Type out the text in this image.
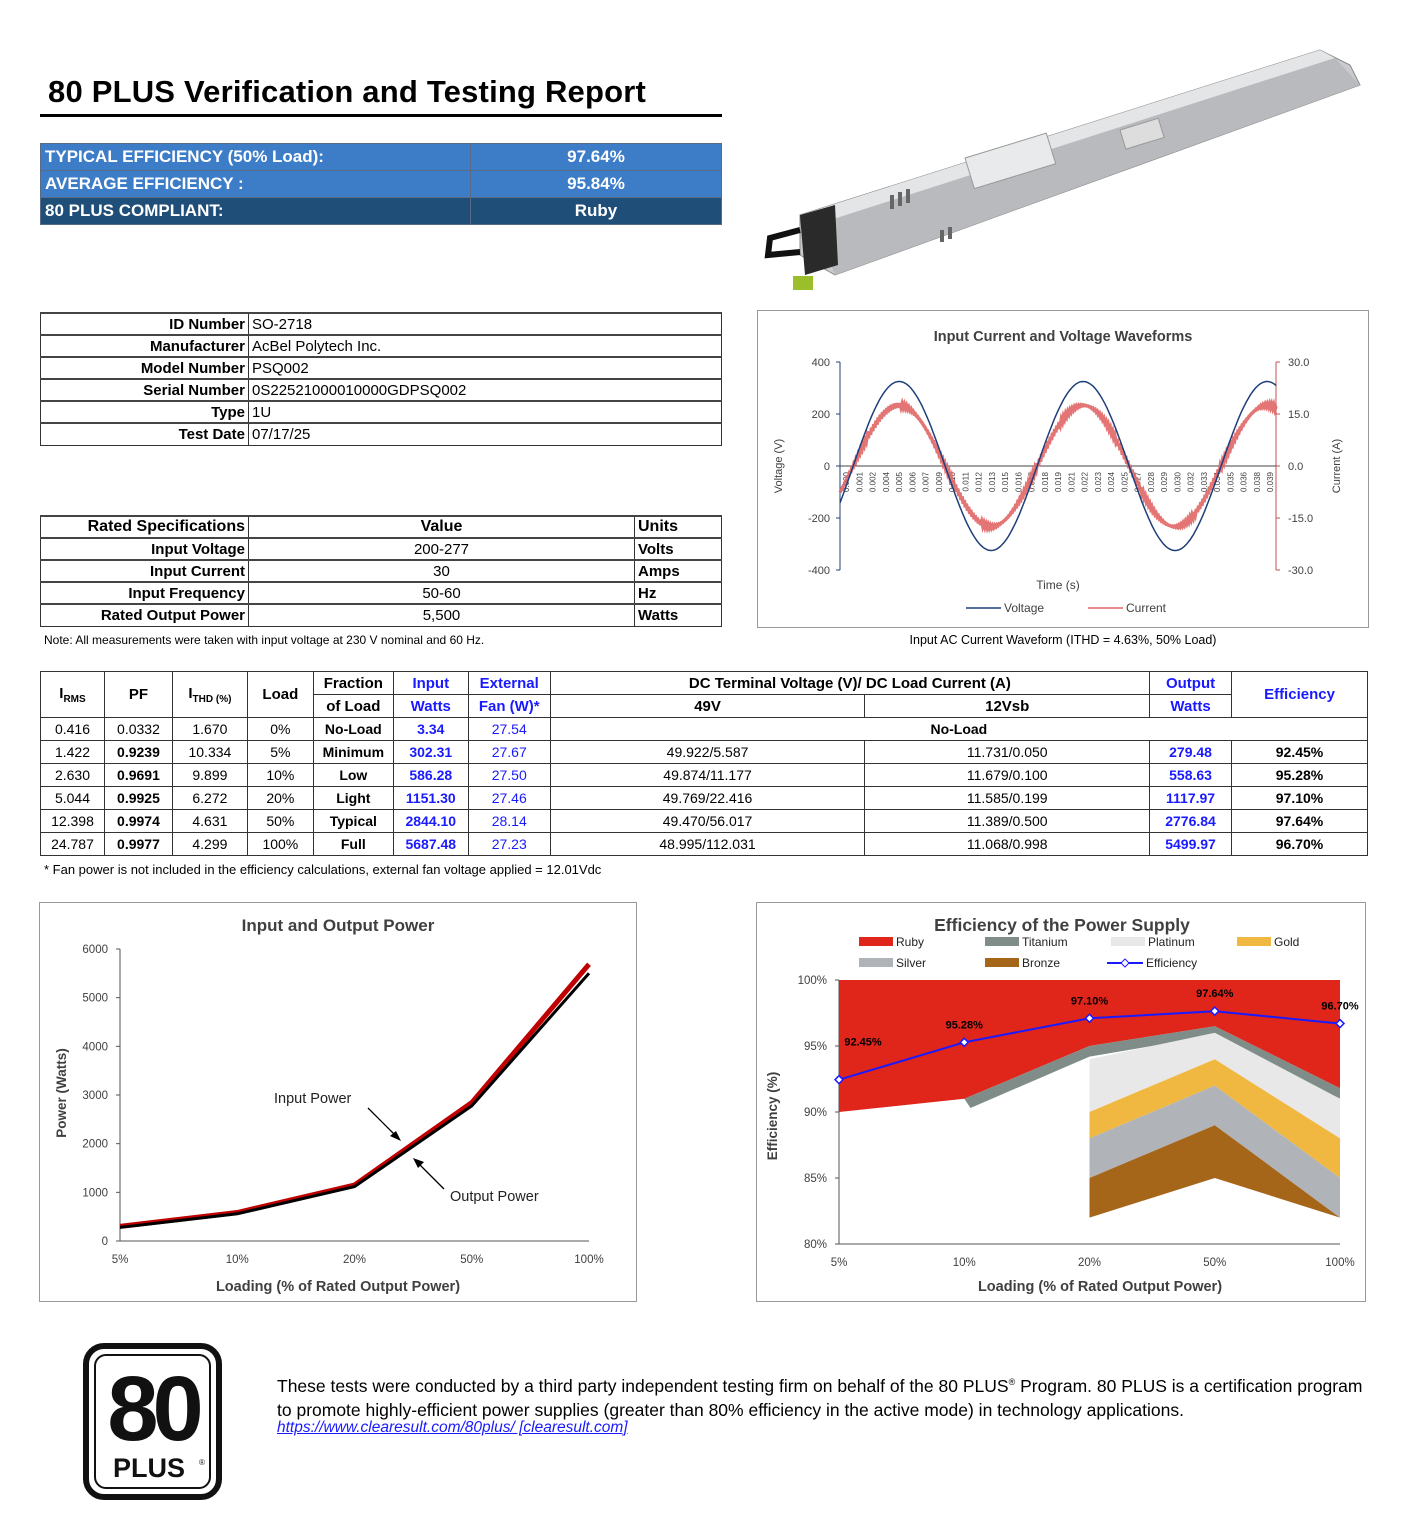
80 PLUS Verification and Testing Report
TYPICAL EFFICIENCY (50% Load):	97.64%
AVERAGE EFFICIENCY :	95.84%
80 PLUS COMPLIANT:	Ruby
ID Number	SO-2718
Manufacturer	AcBel Polytech Inc.
Model Number	PSQ002
Serial Number	0S22521000010000GDPSQ002
Type	1U
Test Date	07/17/25
Rated Specifications	Value	Units
Input Voltage	200-277	Volts
Input Current	30	Amps
Input Frequency	50-60	Hz
Rated Output Power	5,500	Watts
Note: All measurements were taken with input voltage at 230 V nominal and 60 Hz.
Input Current and Voltage Waveforms
400
200
0
-200
-400
30.0
15.0
0.0
-15.0
-30.0
0.000 0.001 0.002 0.004 0.005 0.006 0.007 0.009 0.010 0.011 0.012 0.013 0.015 0.016 0.017 0.018 0.019 0.021 0.022 0.023 0.024 0.025 0.027 0.028 0.029 0.030 0.032 0.033 0.034 0.035 0.036 0.038 0.039
Voltage (V)	Current (A)
Time (s)
Voltage	Current
Input AC Current Waveform (ITHD = 4.63%, 50% Load)
$I_{RMS}$	PF	$I_{THD (\%)}$	Load	Fraction	Input	External	DC Terminal Voltage (V)/ DC Load Current (A)		Output	Efficiency
				of Load	Watts	Fan (W)*	49V	12Vsb	Watts	
0.416	0.0332	1.670	0%	No-Load	3.34	27.54	No-Load			
1.422	0.9239	10.334	5%	Minimum	302.31	27.67	49.922/5.587	11.731/0.050	279.48	92.45%
2.630	0.9691	9.899	10%	Low	586.28	27.50	49.874/11.177	11.679/0.100	558.63	95.28%
5.044	0.9925	6.272	20%	Light	1151.30	27.46	49.769/22.416	11.585/0.199	1117.97	97.10%
12.398	0.9974	4.631	50%	Typical	2844.10	28.14	49.470/56.017	11.389/0.500	2776.84	97.64%
24.787	0.9977	4.299	100%	Full	5687.48	27.23	48.995/112.031	11.068/0.998	5499.97	96.70%
* Fan power is not included in the efficiency calculations, external fan voltage applied = 12.01Vdc
Input and Output Power
6000
5000
4000
3000
2000
1000
0
5%	10%	20%	50%	100%
Power (Watts)
Loading (% of Rated Output Power)
Input Power
Output Power
Efficiency of the Power Supply
100%
95%
90%
85%
80%
5%	10%	20%	50%	100%
Efficiency (%)
Loading (% of Rated Output Power)
92.45%
95.28%
97.10%
97.64%
96.70%
Ruby	Titanium	Platinum	Gold
Silver	Bronze	Efficiency
80
PLUS ®
These tests were conducted by a third party independent testing firm on behalf of the 80 PLUS® Program. 80 PLUS is a certification program to promote highly-efficient power supplies (greater than 80% efficiency in the active mode) in technology applications.
https://www.clearesult.com/80plus/ [clearesult.com]
